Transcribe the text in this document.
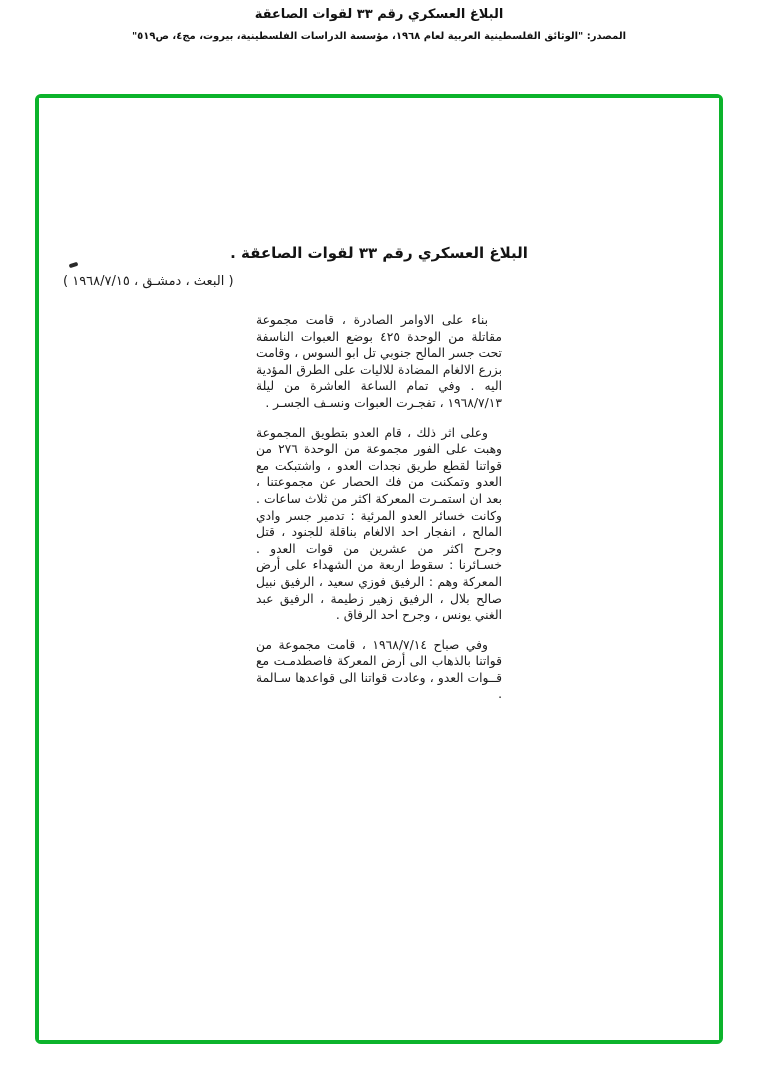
البلاغ العسكري رقم ٣٣ لقوات الصاعقة
المصدر: "الوثائق الفلسطينية العربية لعام ١٩٦٨، مؤسسة الدراسات الفلسطينية، بيروت، مج٤، ص٥١٩"
البلاغ العسكري رقم ٣٣ لقوات الصاعقة .
( البعث ، دمشـق ، ١٩٦٨/٧/١٥ )

بناء على الاوامر الصادرة ، قامت مجموعة مقاتلة من الوحدة ٤٢٥ بوضع العبوات الناسفة تحت جسر المالح جنوبي تل ابو السوس ، وقامت بزرع الالغام المضادة للاليات على الطرق المؤدية اليه . وفي تمام الساعة العاشرة من ليلة ١٩٦٨/٧/١٣ ، تفجـرت العبوات ونسـف الجسـر .

وعلى اثر ذلك ، قام العدو بتطويق المجموعة وهبت على الفور مجموعة من الوحدة ٢٧٦ من قواتنا لقطع طريق نجدات العدو ، واشتبكت مع العدو وتمكنت من فك الحصار عن مجموعتنا ، بعد ان استمـرت المعركة اكثر من ثلاث ساعات . وكانت خسائر العدو المرئية : تدمير جسر وادي المالح ، انفجار احد الالغام بناقلة للجنود ، قتل وجرح اكثر من عشرين من قوات العدو . خسـائرنا : سقوط اربعة من الشهداء على أرض المعركة وهم : الرفيق فوزي سعيد ، الرفيق نبيل صالح بلال ، الرفيق زهير زطيمة ، الرفيق عبد الغني يونس ، وجرح احد الرفاق .

وفي صباح ١٩٦٨/٧/١٤ ، قامت مجموعة من قواتنا بالذهاب الى أرض المعركة فاصطدمـت مع قــوات العدو ، وعادت قواتنا الى قواعدها سـالمة .
